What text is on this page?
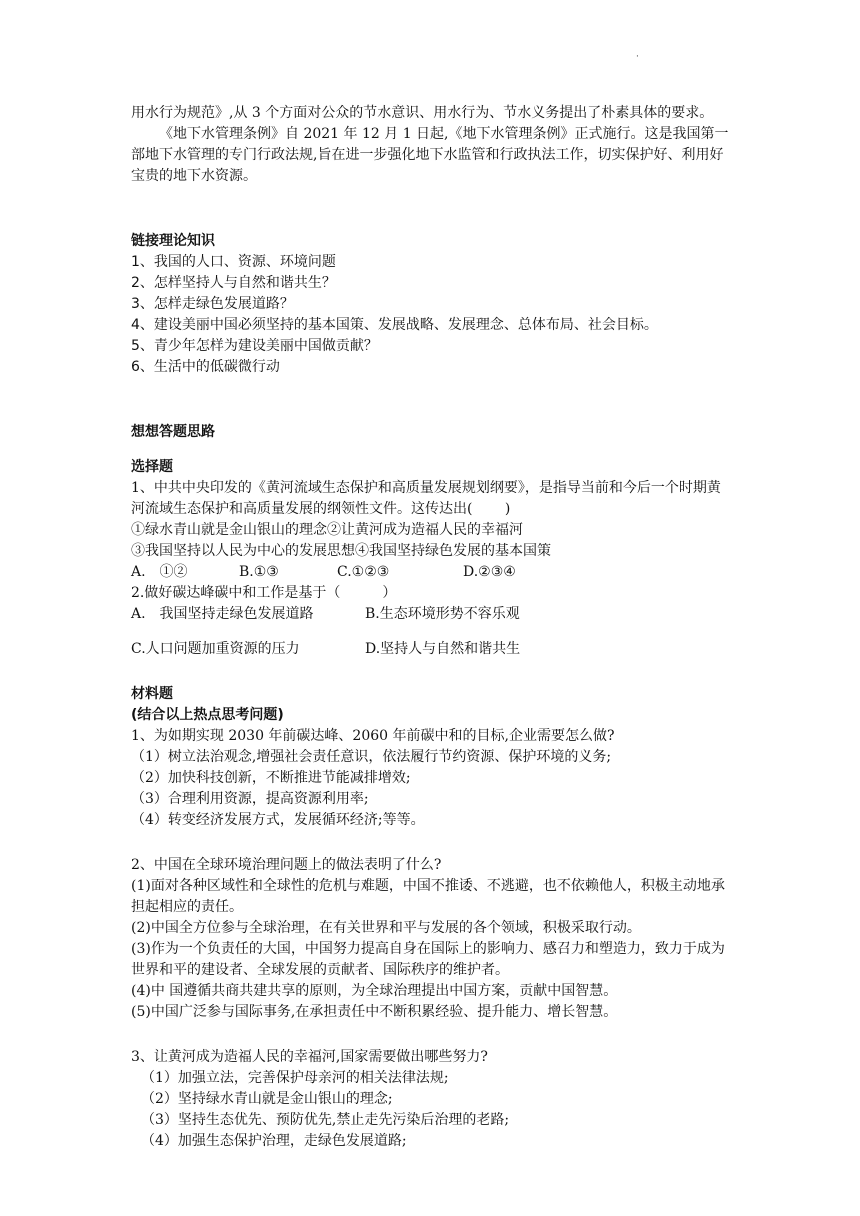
·

用水行为规范》,从 3 个方面对公众的节水意识、用水行为、节水义务提出了朴素具体的要求。

《地下水管理条例》自 2021 年 12 月 1 日起,《地下水管理条例》正式施行。这是我国第一部地下水管理的专门行政法规,旨在进一步强化地下水监管和行政执法工作，切实保护好、利用好宝贵的地下水资源。

链接理论知识

1、我国的人口、资源、环境问题

2、怎样坚持人与自然和谐共生？

3、怎样走绿色发展道路？

4、建设美丽中国必须坚持的基本国策、发展战略、发展理念、总体布局、社会目标。

5、青少年怎样为建设美丽中国做贡献？

6、生活中的低碳微行动

想想答题思路

选择题

1、中共中央印发的《黄河流域生态保护和高质量发展规划纲要》，是指导当前和今后一个时期黄河流域生态保护和高质量发展的纲领性文件。这传达出(　　 )

①绿水青山就是金山银山的理念②让黄河成为造福人民的幸福河

③我国坚持以人民为中心的发展思想④我国坚持绿色发展的基本国策

A.　①②	B.①③	C.①②③	D.②③④

2.做好碳达峰碳中和工作是基于（　　　）

A.　我国坚持走绿色发展道路	B.生态环境形势不容乐观
C.人口问题加重资源的压力	D.坚持人与自然和谐共生

材料题

(结合以上热点思考问题)

1、为如期实现 2030 年前碳达峰、2060 年前碳中和的目标,企业需要怎么做?

（1）树立法治观念,增强社会责任意识，依法履行节约资源、保护环境的义务;

（2）加快科技创新，不断推进节能减排增效;

（3）合理利用资源，提高资源利用率;

（4）转变经济发展方式，发展循环经济;等等。

2、中国在全球环境治理问题上的做法表明了什么?

(1)面对各种区域性和全球性的危机与难题，中国不推诿、不逃避，也不依赖他人，积极主动地承担起相应的责任。

(2)中国全方位参与全球治理，在有关世界和平与发展的各个领域，积极采取行动。

(3)作为一个负责任的大国，中国努力提高自身在国际上的影响力、感召力和塑造力，致力于成为世界和平的建设者、全球发展的贡献者、国际秩序的维护者。

(4)中 国遵循共商共建共享的原则，为全球治理提出中国方案，贡献中国智慧。

(5)中国广泛参与国际事务,在承担责任中不断积累经验、提升能力、增长智慧。

3、让黄河成为造福人民的幸福河,国家需要做出哪些努力?

（1）加强立法，完善保护母亲河的相关法律法规;

（2）坚持绿水青山就是金山银山的理念;

（3）坚持生态优先、预防优先,禁止走先污染后治理的老路;

（4）加强生态保护治理，走绿色发展道路;
